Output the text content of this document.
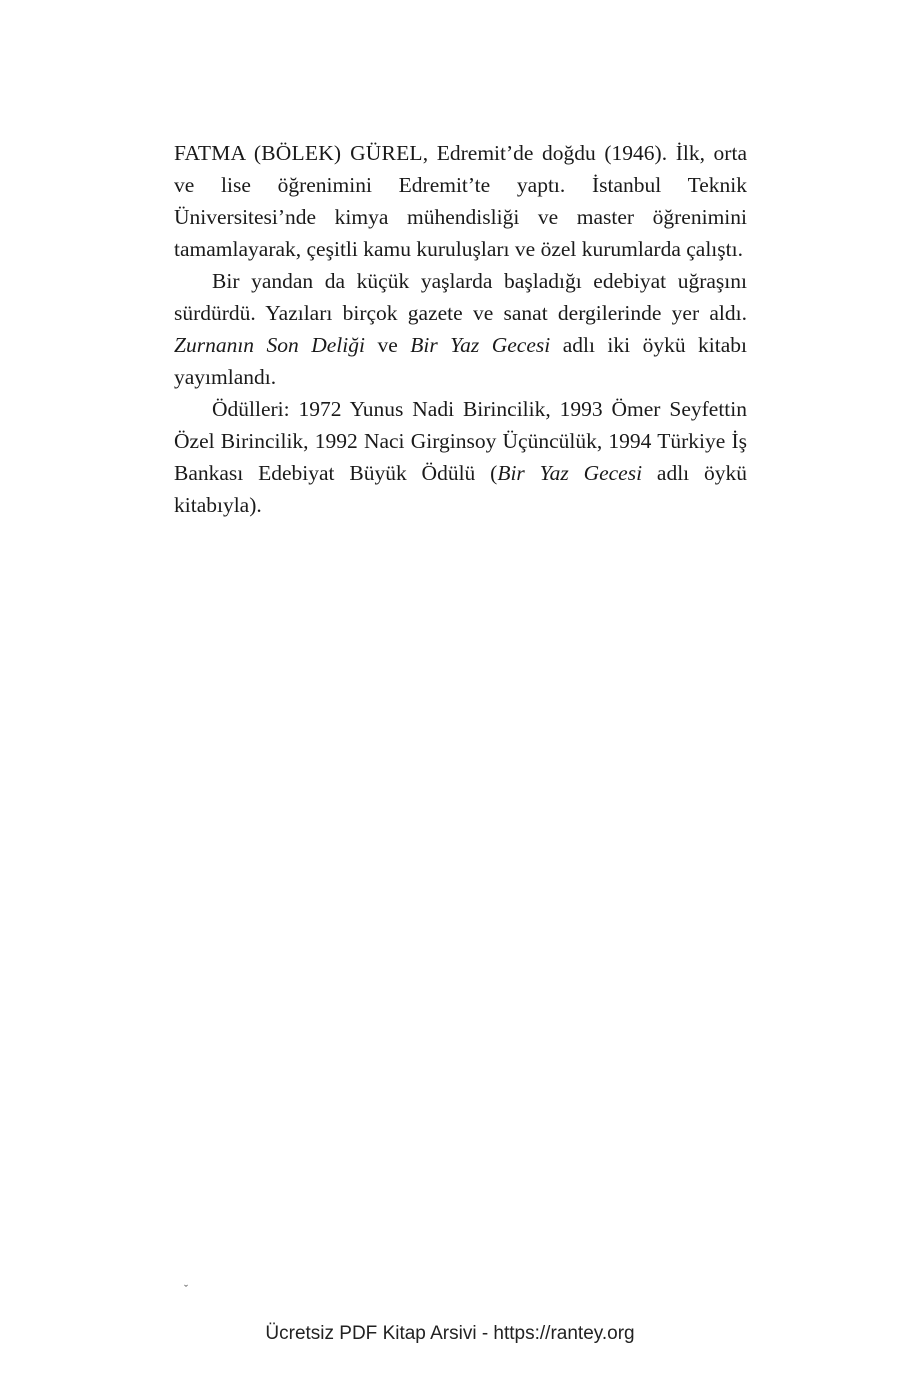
FATMA (BÖLEK) GÜREL, Edremit’de doğdu (1946). İlk, orta ve lise öğrenimini Edremit’te yaptı. İstanbul Teknik Üniversitesi’nde kimya mühendisliği ve master öğrenimini tamamlayarak, çeşitli kamu kuruluşları ve özel kurumlarda çalıştı.

Bir yandan da küçük yaşlarda başladığı edebiyat uğraşını sürdürdü. Yazıları birçok gazete ve sanat dergilerinde yer aldı. Zurnanın Son Deliği ve Bir Yaz Gecesi adlı iki öykü kitabı yayımlandı.

Ödülleri: 1972 Yunus Nadi Birincilik, 1993 Ömer Seyfettin Özel Birincilik, 1992 Naci Girginsoy Üçüncülük, 1994 Türkiye İş Bankası Edebiyat Büyük Ödülü (Bir Yaz Gecesi adlı öykü kitabıyla).

ˇ
Ücretsiz PDF Kitap Arsivi - https://rantey.org
